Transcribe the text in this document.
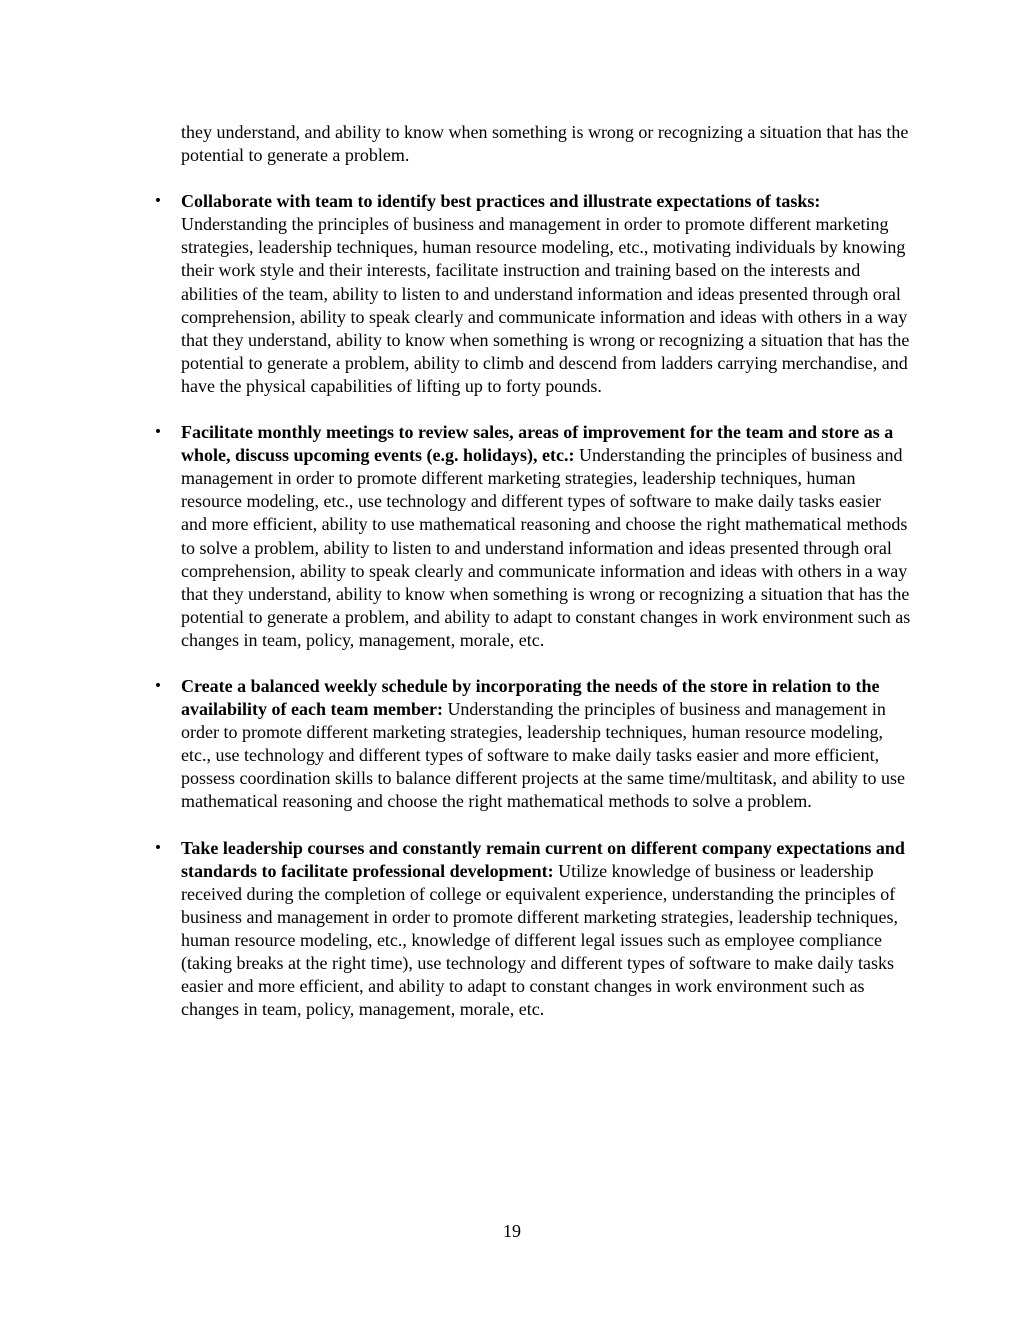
they understand, and ability to know when something is wrong or recognizing a situation that has the potential to generate a problem.

• Collaborate with team to identify best practices and illustrate expectations of tasks: Understanding the principles of business and management in order to promote different marketing strategies, leadership techniques, human resource modeling, etc., motivating individuals by knowing their work style and their interests, facilitate instruction and training based on the interests and abilities of the team, ability to listen to and understand information and ideas presented through oral comprehension, ability to speak clearly and communicate information and ideas with others in a way that they understand, ability to know when something is wrong or recognizing a situation that has the potential to generate a problem, ability to climb and descend from ladders carrying merchandise, and have the physical capabilities of lifting up to forty pounds.

• Facilitate monthly meetings to review sales, areas of improvement for the team and store as a whole, discuss upcoming events (e.g. holidays), etc.: Understanding the principles of business and management in order to promote different marketing strategies, leadership techniques, human resource modeling, etc., use technology and different types of software to make daily tasks easier and more efficient, ability to use mathematical reasoning and choose the right mathematical methods to solve a problem, ability to listen to and understand information and ideas presented through oral comprehension, ability to speak clearly and communicate information and ideas with others in a way that they understand, ability to know when something is wrong or recognizing a situation that has the potential to generate a problem, and ability to adapt to constant changes in work environment such as changes in team, policy, management, morale, etc.

• Create a balanced weekly schedule by incorporating the needs of the store in relation to the availability of each team member: Understanding the principles of business and management in order to promote different marketing strategies, leadership techniques, human resource modeling, etc., use technology and different types of software to make daily tasks easier and more efficient, possess coordination skills to balance different projects at the same time/multitask, and ability to use mathematical reasoning and choose the right mathematical methods to solve a problem.

• Take leadership courses and constantly remain current on different company expectations and standards to facilitate professional development: Utilize knowledge of business or leadership received during the completion of college or equivalent experience, understanding the principles of business and management in order to promote different marketing strategies, leadership techniques, human resource modeling, etc., knowledge of different legal issues such as employee compliance (taking breaks at the right time), use technology and different types of software to make daily tasks easier and more efficient, and ability to adapt to constant changes in work environment such as changes in team, policy, management, morale, etc.

19
